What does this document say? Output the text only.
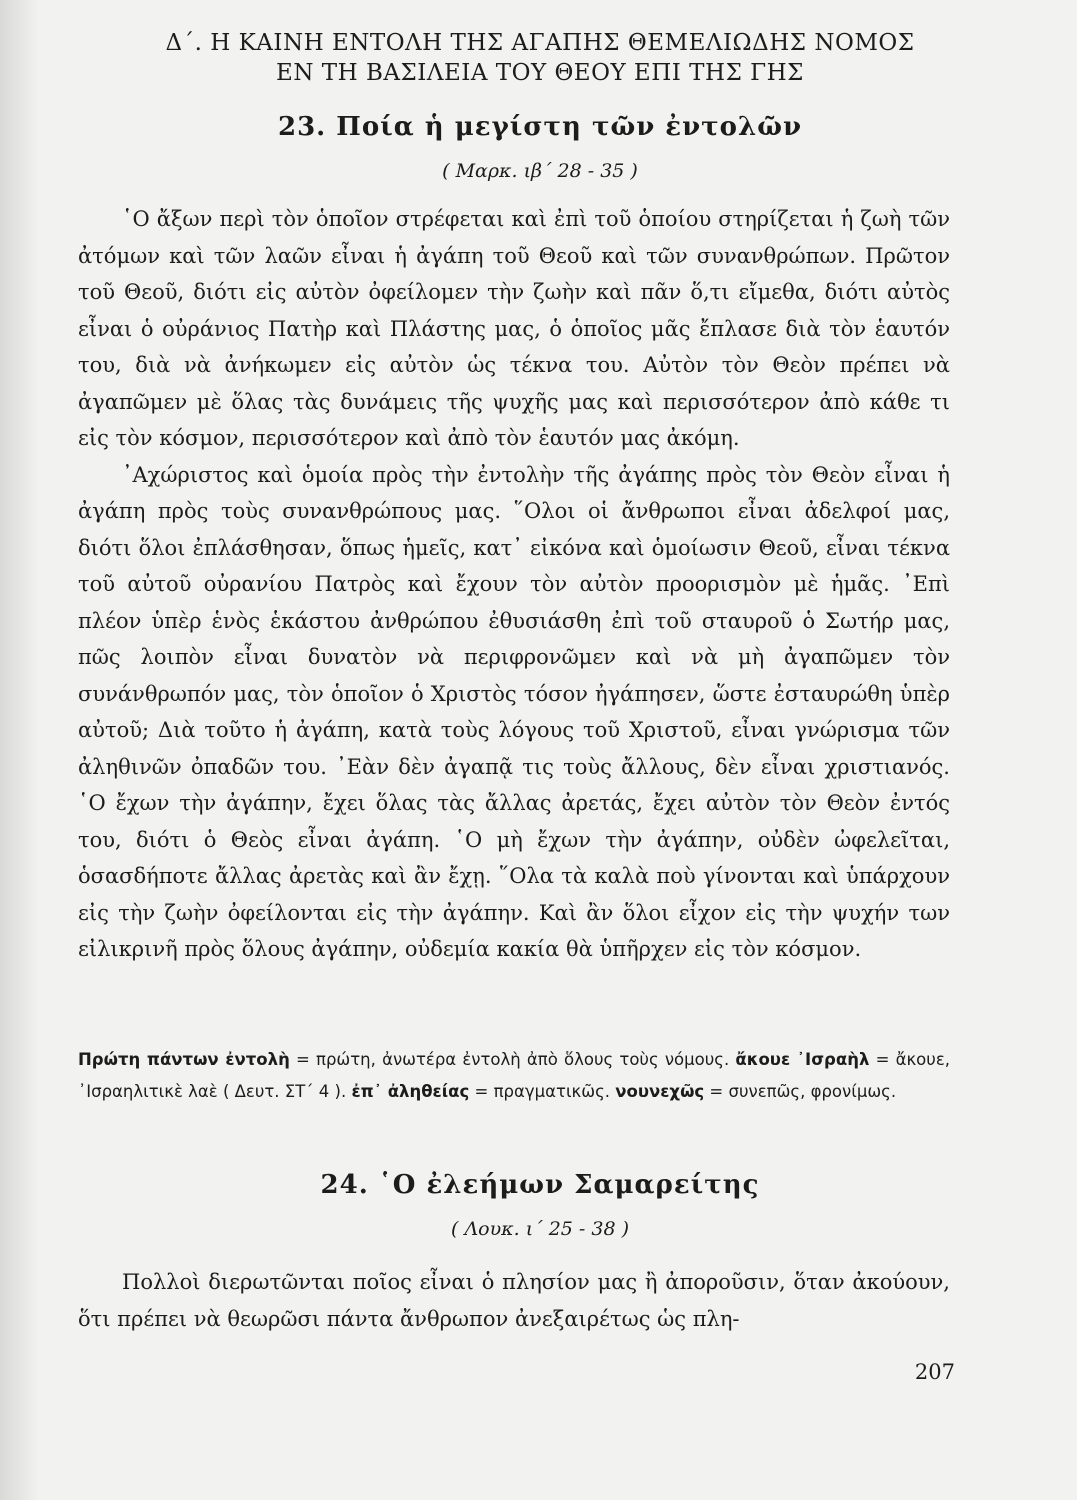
Δ΄. Η ΚΑΙΝΗ ΕΝΤΟΛΗ ΤΗΣ ΑΓΑΠΗΣ ΘΕΜΕΛΙΩΔΗΣ ΝΟΜΟΣ
ΕΝ ΤΗ ΒΑΣΙΛΕΙΑ ΤΟΥ ΘΕΟΥ ΕΠΙ ΤΗΣ ΓΗΣ
23. Ποία ἡ μεγίστη τῶν ἐντολῶν
( Μαρκ. ιβ΄ 28 - 35 )

῾Ο ἄξων περὶ τὸν ὁποῖον στρέφεται καὶ ἐπὶ τοῦ ὁποίου στηρίζεται ἡ ζωὴ τῶν ἀτόμων καὶ τῶν λαῶν εἶναι ἡ ἀγάπη τοῦ Θεοῦ καὶ τῶν συνανθρώπων. Πρῶτον τοῦ Θεοῦ, διότι εἰς αὐτὸν ὀφείλομεν τὴν ζωὴν καὶ πᾶν ὅ,τι εἴμεθα, διότι αὐτὸς εἶναι ὁ οὐράνιος Πατὴρ καὶ Πλάστης μας, ὁ ὁποῖος μᾶς ἔπλασε διὰ τὸν ἑαυτόν του, διὰ νὰ ἀνήκωμεν εἰς αὐτὸν ὡς τέκνα του. Αὐτὸν τὸν Θεὸν πρέπει νὰ ἀγαπῶμεν μὲ ὅλας τὰς δυνάμεις τῆς ψυχῆς μας καὶ περισσότερον ἀπὸ κάθε τι εἰς τὸν κόσμον, περισσότερον καὶ ἀπὸ τὸν ἑαυτόν μας ἀκόμη.

᾿Αχώριστος καὶ ὁμοία πρὸς τὴν ἐντολὴν τῆς ἀγάπης πρὸς τὸν Θεὸν εἶναι ἡ ἀγάπη πρὸς τοὺς συνανθρώπους μας. ῞Ολοι οἱ ἄνθρωποι εἶναι ἀδελφοί μας, διότι ὅλοι ἐπλάσθησαν, ὅπως ἡμεῖς, κατ᾿ εἰκόνα καὶ ὁμοίωσιν Θεοῦ, εἶναι τέκνα τοῦ αὐτοῦ οὐρανίου Πατρὸς καὶ ἔχουν τὸν αὐτὸν προορισμὸν μὲ ἡμᾶς. ᾿Επὶ πλέον ὑπὲρ ἑνὸς ἑκάστου ἀνθρώπου ἐθυσιάσθη ἐπὶ τοῦ σταυροῦ ὁ Σωτήρ μας, πῶς λοιπὸν εἶναι δυνατὸν νὰ περιφρονῶμεν καὶ νὰ μὴ ἀγαπῶμεν τὸν συνάνθρωπόν μας, τὸν ὁποῖον ὁ Χριστὸς τόσον ἠγάπησεν, ὥστε ἐσταυρώθη ὑπὲρ αὐτοῦ; Διὰ τοῦτο ἡ ἀγάπη, κατὰ τοὺς λόγους τοῦ Χριστοῦ, εἶναι γνώρισμα τῶν ἀληθινῶν ὀπαδῶν του. ᾿Εὰν δὲν ἀγαπᾷ τις τοὺς ἄλλους, δὲν εἶναι χριστιανός. ῾Ο ἔχων τὴν ἀγάπην, ἔχει ὅλας τὰς ἄλλας ἀρετάς, ἔχει αὐτὸν τὸν Θεὸν ἐντός του, διότι ὁ Θεὸς εἶναι ἀγάπη. ῾Ο μὴ ἔχων τὴν ἀγάπην, οὐδὲν ὠφελεῖται, ὁσασδήποτε ἄλλας ἀρετὰς καὶ ἂν ἔχῃ. ῞Ολα τὰ καλὰ ποὺ γίνονται καὶ ὑπάρχουν εἰς τὴν ζωὴν ὀφείλονται εἰς τὴν ἀγάπην. Καὶ ἂν ὅλοι εἶχον εἰς τὴν ψυχήν των εἰλικρινῆ πρὸς ὅλους ἀγάπην, οὐδεμία κακία θὰ ὑπῆρχεν εἰς τὸν κόσμον.

Πρώτη πάντων ἐντολὴ = πρώτη, ἀνωτέρα ἐντολὴ ἀπὸ ὅλους τοὺς νόμους. ἄκουε ᾿Ισραὴλ = ἄκουε, ᾿Ισραηλιτικὲ λαὲ ( Δευτ. ΣΤ΄ 4 ). ἐπ᾿ ἀληθείας = πραγματικῶς. νουνεχῶς = συνεπῶς, φρονίμως.
24. ῾Ο ἐλεήμων Σαμαρείτης
( Λουκ. ι΄ 25 - 38 )

Πολλοὶ διερωτῶνται ποῖος εἶναι ὁ πλησίον μας ἢ ἀποροῦσιν, ὅταν ἀκούουν, ὅτι πρέπει νὰ θεωρῶσι πάντα ἄνθρωπον ἀνεξαιρέτως ὡς πλη-

207
